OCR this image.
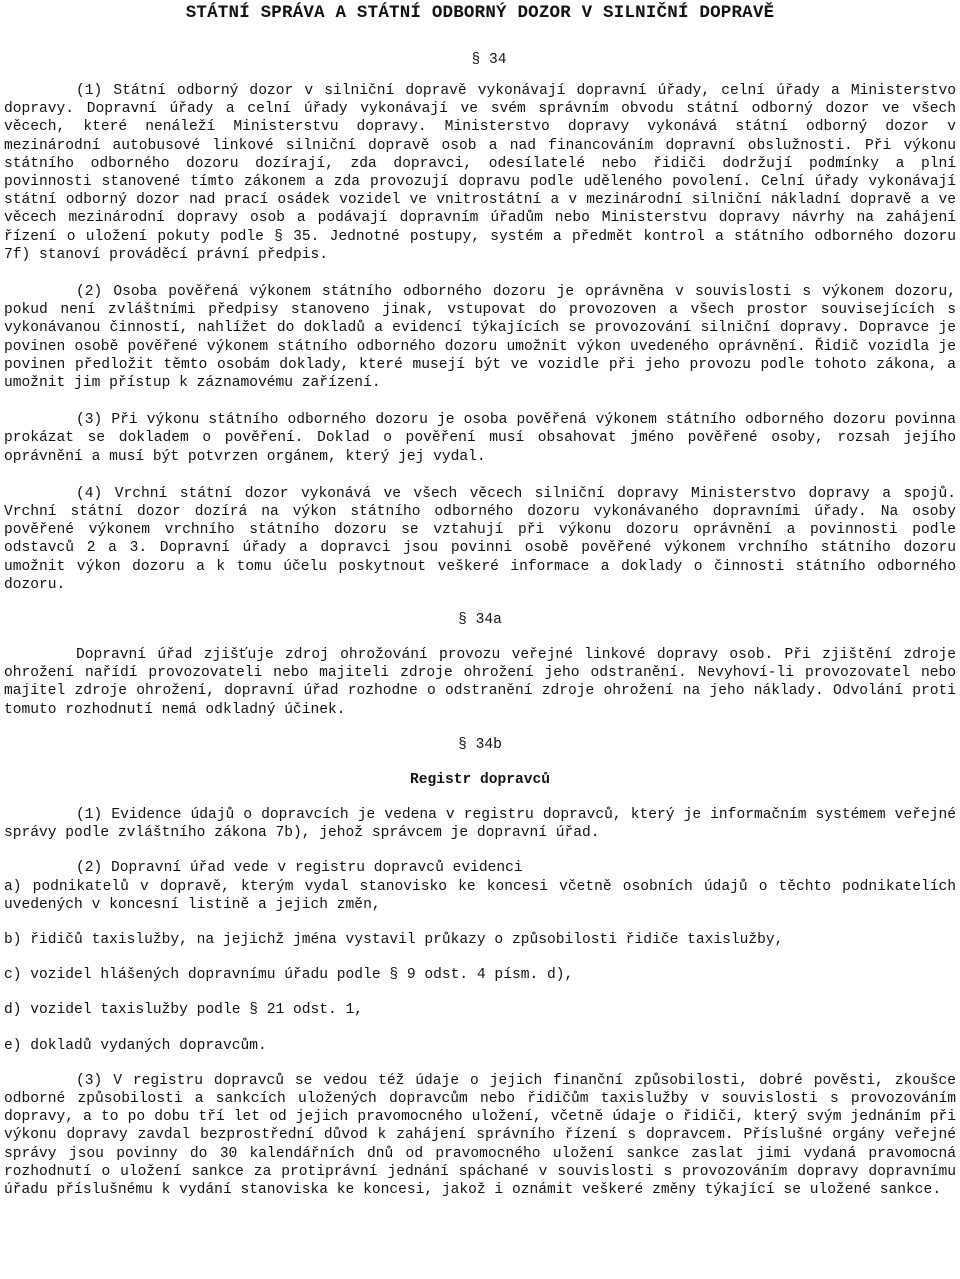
STÁTNÍ SPRÁVA A STÁTNÍ ODBORNÝ DOZOR V SILNIČNÍ DOPRAVĚ
§ 34

(1) Státní odborný dozor v silniční dopravě vykonávají dopravní úřady, celní úřady a Ministerstvo dopravy. Dopravní úřady a celní úřady vykonávají ve svém správním obvodu státní odborný dozor ve všech věcech, které nenáleží Ministerstvu dopravy. Ministerstvo dopravy vykonává státní odborný dozor v mezinárodní autobusové linkové silniční dopravě osob a nad financováním dopravní obslužnosti. Při výkonu státního odborného dozoru dozírají, zda dopravci, odesílatelé nebo řidiči dodržují podmínky a plní povinnosti stanovené tímto zákonem a zda provozují dopravu podle uděleného povolení. Celní úřady vykonávají státní odborný dozor nad prací osádek vozidel ve vnitrostátní a v mezinárodní silniční nákladní dopravě a ve věcech mezinárodní dopravy osob a podávají dopravním úřadům nebo Ministerstvu dopravy návrhy na zahájení řízení o uložení pokuty podle § 35. Jednotné postupy, systém a předmět kontrol a státního odborného dozoru 7f) stanoví prováděcí právní předpis.

(2) Osoba pověřená výkonem státního odborného dozoru je oprávněna v souvislosti s výkonem dozoru, pokud není zvláštními předpisy stanoveno jinak, vstupovat do provozoven a všech prostor souvisejících s vykonávanou činností, nahlížet do dokladů a evidencí týkajících se provozování silniční dopravy. Dopravce je povinen osobě pověřené výkonem státního odborného dozoru umožnit výkon uvedeného oprávnění. Řidič vozidla je povinen předložit těmto osobám doklady, které musejí být ve vozidle při jeho provozu podle tohoto zákona, a umožnit jim přístup k záznamovému zařízení.

(3) Při výkonu státního odborného dozoru je osoba pověřená výkonem státního odborného dozoru povinna prokázat se dokladem o pověření. Doklad o pověření musí obsahovat jméno pověřené osoby, rozsah jejího oprávnění a musí být potvrzen orgánem, který jej vydal.

(4) Vrchní státní dozor vykonává ve všech věcech silniční dopravy Ministerstvo dopravy a spojů. Vrchní státní dozor dozírá na výkon státního odborného dozoru vykonávaného dopravními úřady. Na osoby pověřené výkonem vrchního státního dozoru se vztahují při výkonu dozoru oprávnění a povinnosti podle odstavců 2 a 3. Dopravní úřady a dopravci jsou povinni osobě pověřené výkonem vrchního státního dozoru umožnit výkon dozoru a k tomu účelu poskytnout veškeré informace a doklady o činnosti státního odborného dozoru.

§ 34a

Dopravní úřad zjišťuje zdroj ohrožování provozu veřejné linkové dopravy osob. Při zjištění zdroje ohrožení nařídí provozovateli nebo majiteli zdroje ohrožení jeho odstranění. Nevyhoví-li provozovatel nebo majitel zdroje ohrožení, dopravní úřad rozhodne o odstranění zdroje ohrožení na jeho náklady. Odvolání proti tomuto rozhodnutí nemá odkladný účinek.

§ 34b
Registr dopravců

(1) Evidence údajů o dopravcích je vedena v registru dopravců, který je informačním systémem veřejné správy podle zvláštního zákona 7b), jehož správcem je dopravní úřad.

(2) Dopravní úřad vede v registru dopravců evidenci

a) podnikatelů v dopravě, kterým vydal stanovisko ke koncesi včetně osobních údajů o těchto podnikatelích uvedených v koncesní listině a jejich změn,

b) řidičů taxislužby, na jejichž jména vystavil průkazy o způsobilosti řidiče taxislužby,

c) vozidel hlášených dopravnímu úřadu podle § 9 odst. 4 písm. d),

d) vozidel taxislužby podle § 21 odst. 1,

e) dokladů vydaných dopravcům.

(3) V registru dopravců se vedou též údaje o jejich finanční způsobilosti, dobré pověsti, zkoušce odborné způsobilosti a sankcích uložených dopravcům nebo řidičům taxislužby v souvislosti s provozováním dopravy, a to po dobu tří let od jejich pravomocného uložení, včetně údaje o řidiči, který svým jednáním při výkonu dopravy zavdal bezprostřední důvod k zahájení správního řízení s dopravcem. Příslušné orgány veřejné správy jsou povinny do 30 kalendářních dnů od pravomocného uložení sankce zaslat jimi vydaná pravomocná rozhodnutí o uložení sankce za protiprávní jednání spáchané v souvislosti s provozováním dopravy dopravnímu úřadu příslušnému k vydání stanoviska ke koncesi, jakož i oznámit veškeré změny týkající se uložené sankce.
